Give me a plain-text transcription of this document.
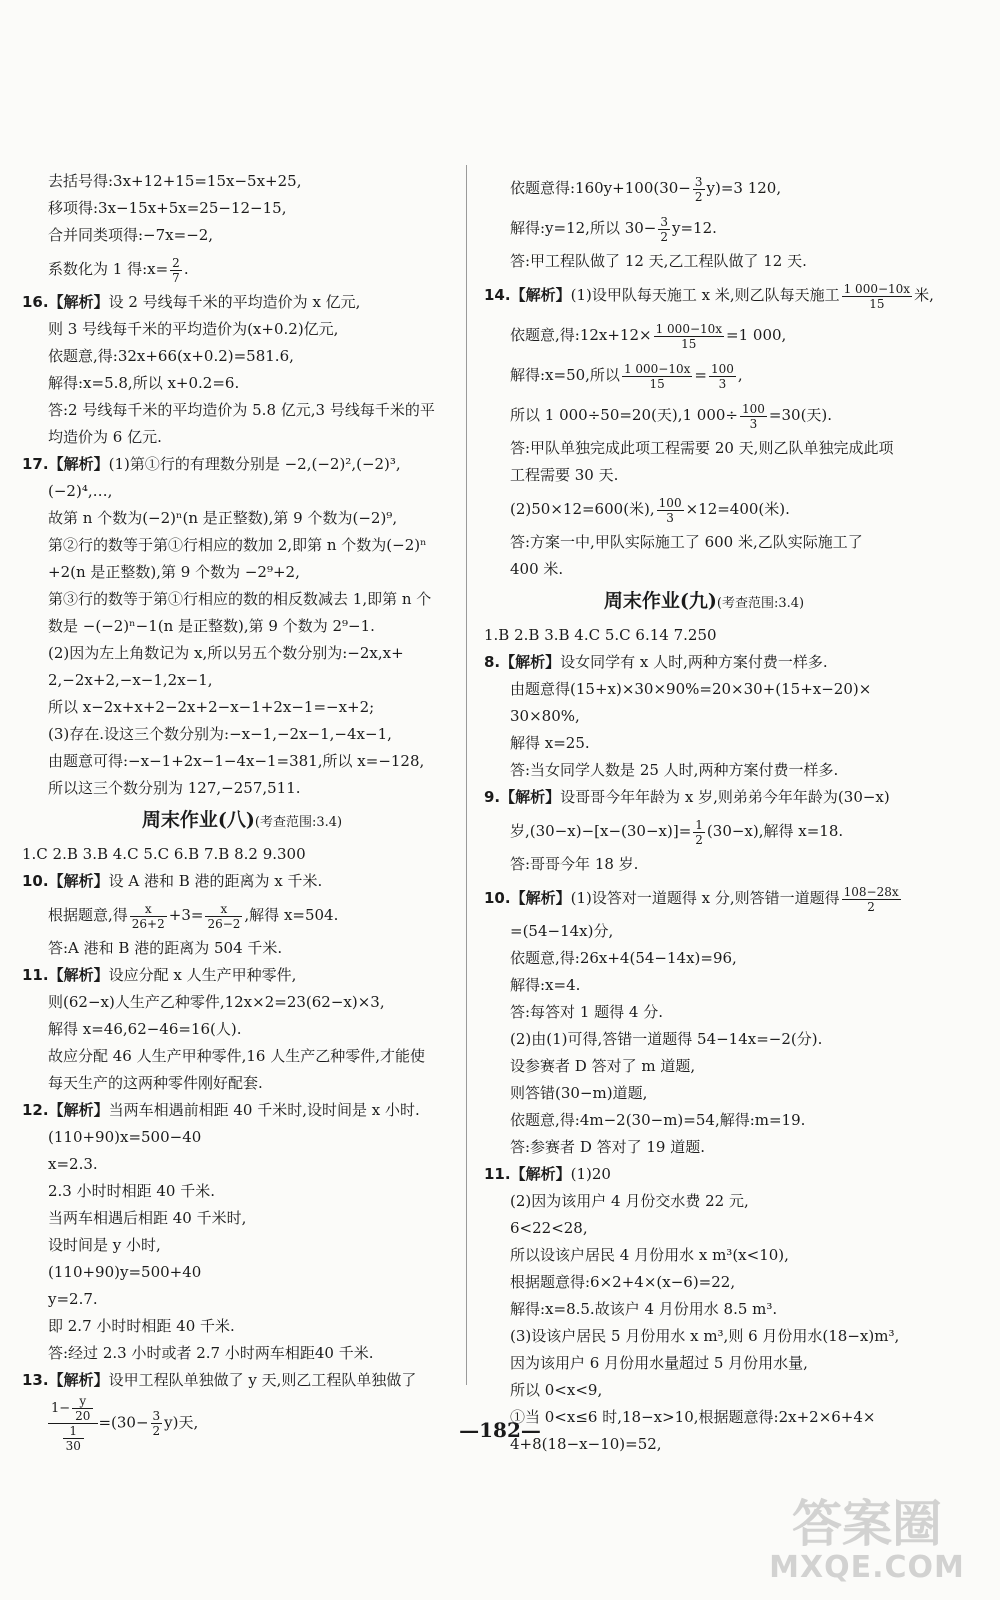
去括号得:3x+12+15=15x−5x+25,
移项得:3x−15x+5x=25−12−15,
合并同类项得:−7x=−2,
系数化为 1 得:x= $\frac{2}{7}$ .
16.【解析】设 2 号线每千米的平均造价为 x 亿元,
则 3 号线每千米的平均造价为(x+0.2)亿元,
依题意,得:32x+66(x+0.2)=581.6,
解得:x=5.8,所以 x+0.2=6.
答:2 号线每千米的平均造价为 5.8 亿元,3 号线每千米的平
均造价为 6 亿元.
17.【解析】(1)第①行的有理数分别是 −2,(−2)²,(−2)³,
(−2)⁴,…,
故第 n 个数为(−2)ⁿ(n 是正整数),第 9 个数为(−2)⁹,
第②行的数等于第①行相应的数加 2,即第 n 个数为(−2)ⁿ
+2(n 是正整数),第 9 个数为 −2⁹+2,
第③行的数等于第①行相应的数的相反数减去 1,即第 n 个
数是 −(−2)ⁿ−1(n 是正整数),第 9 个数为 2⁹−1.
(2)因为左上角数记为 x,所以另五个数分别为:−2x,x+
2,−2x+2,−x−1,2x−1,
所以 x−2x+x+2−2x+2−x−1+2x−1=−x+2;
(3)存在.设这三个数分别为:−x−1,−2x−1,−4x−1,
由题意可得:−x−1+2x−1−4x−1=381,所以 x=−128,
所以这三个数分别为 127,−257,511.
周末作业(八)(考查范围:3.4)
1.C 2.B 3.B 4.C 5.C 6.B 7.B 8.2 9.300
10.【解析】设 A 港和 B 港的距离为 x 千米.
根据题意,得 $\frac{x}{26+2} +3= \frac{x}{26-2}$ ,解得 x=504.
答:A 港和 B 港的距离为 504 千米.
11.【解析】设应分配 x 人生产甲种零件,
则(62−x)人生产乙种零件,12x×2=23(62−x)×3,
解得 x=46,62−46=16(人).
故应分配 46 人生产甲种零件,16 人生产乙种零件,才能使
每天生产的这两种零件刚好配套.
12.【解析】当两车相遇前相距 40 千米时,设时间是 x 小时.
(110+90)x=500−40
x=2.3.
2.3 小时时相距 40 千米.
当两车相遇后相距 40 千米时,
设时间是 y 小时,
(110+90)y=500+40
y=2.7.
即 2.7 小时时相距 40 千米.
答:经过 2.3 小时或者 2.7 小时两车相距40 千米.
13.【解析】设甲工程队单独做了 y 天,则乙工程队单独做了
$\frac{1- \frac{y}{20}}{\frac{1}{30}} =(30- \frac{3}{2} y)$天,
依题意得:160y+100(30− $\frac{3}{2} y)=3$ 120,
解得:y=12,所以 $30- \frac{3}{2} y=12$.
答:甲工程队做了 12 天,乙工程队做了 12 天.
14.【解析】(1)设甲队每天施工 x 米,则乙队每天施工 $\frac{1 000-10x}{15}$ 米,
依题意,得:12x+12× $\frac{1 000-10x}{15} =1$ 000,
解得:x=50,所以 $\frac{1 000-10x}{15} = \frac{100}{3}$ ,
所以 1 000÷50=20(天),1 $000\div \frac{100}{3} =30$(天).
答:甲队单独完成此项工程需要 20 天,则乙队单独完成此项
工程需要 30 天.
(2)50×12=600(米), $\frac{100}{3} \times 12=400$(米).
答:方案一中,甲队实际施工了 600 米,乙队实际施工了
400 米.
周末作业(九)(考查范围:3.4)
1.B 2.B 3.B 4.C 5.C 6.14 7.250
8.【解析】设女同学有 x 人时,两种方案付费一样多.
由题意得(15+x)×30×90%=20×30+(15+x−20)×
30×80%,
解得 x=25.
答:当女同学人数是 25 人时,两种方案付费一样多.
9.【解析】设哥哥今年年龄为 x 岁,则弟弟今年年龄为(30−x)
岁$,(30-x)-[x-(30-x)]= \frac{1}{2} (30-x)$,解得 x=18.
答:哥哥今年 18 岁.
10.【解析】(1)设答对一道题得 x 分,则答错一道题得 $\frac{108-28x}{2}$
=(54−14x)分,
依题意,得:26x+4(54−14x)=96,
解得:x=4.
答:每答对 1 题得 4 分.
(2)由(1)可得,答错一道题得 54−14x=−2(分).
设参赛者 D 答对了 m 道题,
则答错(30−m)道题,
依题意,得:4m−2(30−m)=54,解得:m=19.
答:参赛者 D 答对了 19 道题.
11.【解析】(1)20
(2)因为该用户 4 月份交水费 22 元,
6<22<28,
所以设该户居民 4 月份用水 x m³(x<10),
根据题意得:6×2+4×(x−6)=22,
解得:x=8.5.故该户 4 月份用水 8.5 m³.
(3)设该户居民 5 月份用水 x m³,则 6 月份用水(18−x)m³,
因为该用户 6 月份用水量超过 5 月份用水量,
所以 0<x<9,
①当 0<x≤6 时,18−x>10,根据题意得:2x+2×6+4×
4+8(18−x−10)=52,
—182—
答案圈
MXQE.COM
